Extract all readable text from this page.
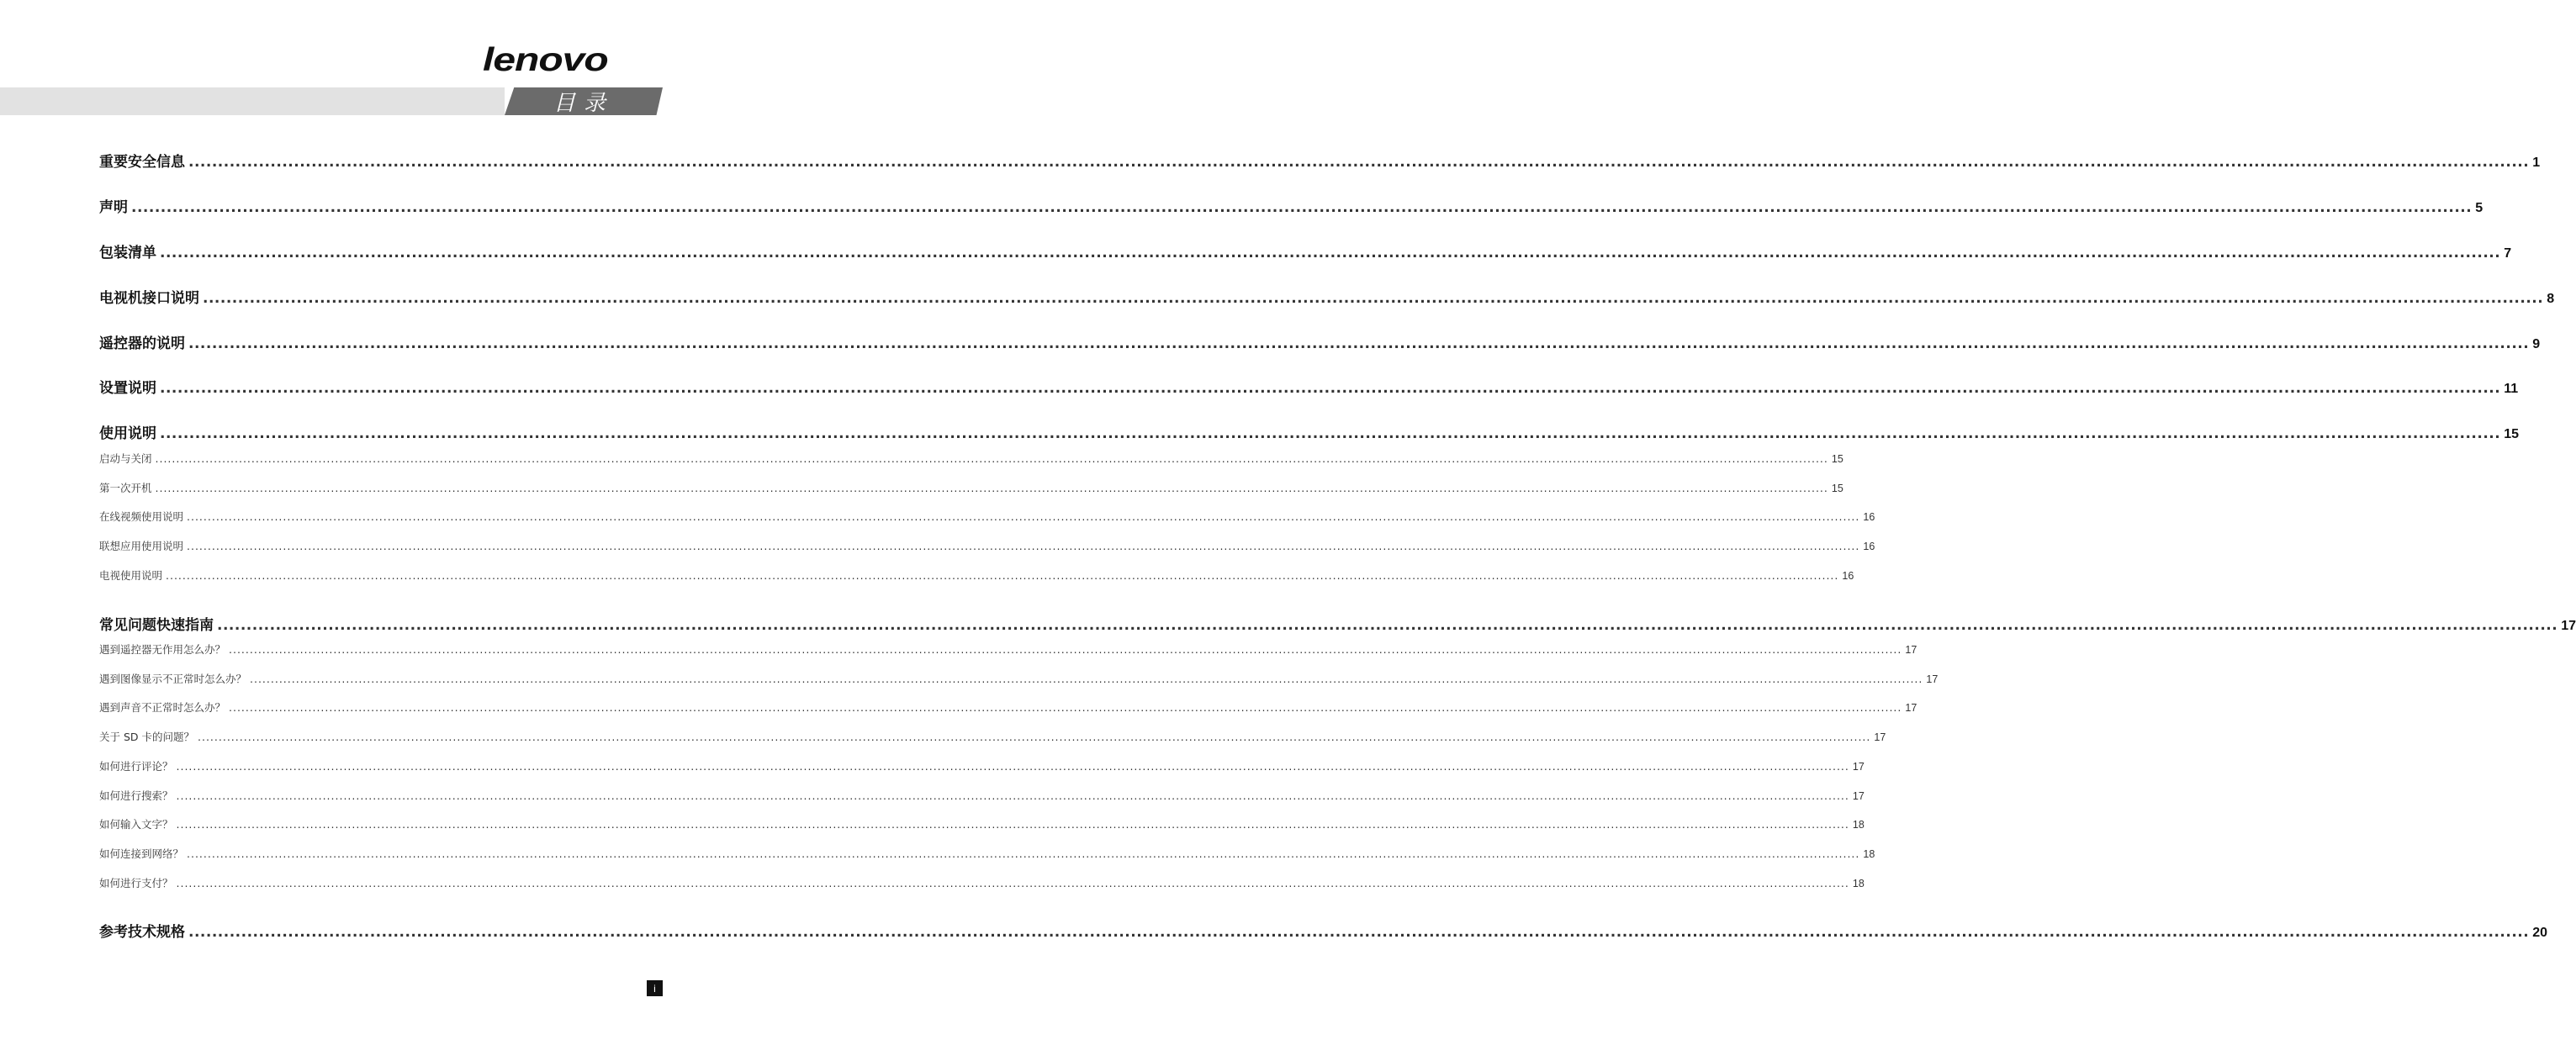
lenovo
目录
重要安全信息 ................................................................................................................................................................................................................................................................................................................................................................................................................ 1
声明 ................................................................................................................................................................................................................................................................................................................................................................................................................ 5
包装清单 ................................................................................................................................................................................................................................................................................................................................................................................................................ 7
电视机接口说明 ................................................................................................................................................................................................................................................................................................................................................................................................................ 8
遥控器的说明 ................................................................................................................................................................................................................................................................................................................................................................................................................ 9
设置说明 ................................................................................................................................................................................................................................................................................................................................................................................................................ 11
使用说明 ................................................................................................................................................................................................................................................................................................................................................................................................................ 15
启动与关闭 ................................................................................................................................................................................................................................................................................................................................................................................................................ 15
第一次开机 ................................................................................................................................................................................................................................................................................................................................................................................................................ 15
在线视频使用说明 ................................................................................................................................................................................................................................................................................................................................................................................................................ 16
联想应用使用说明 ................................................................................................................................................................................................................................................................................................................................................................................................................ 16
电视使用说明 ................................................................................................................................................................................................................................................................................................................................................................................................................ 16
常见问题快速指南 ................................................................................................................................................................................................................................................................................................................................................................................................................ 17
遇到遥控器无作用怎么办？ ................................................................................................................................................................................................................................................................................................................................................................................................................ 17
遇到图像显示不正常时怎么办？ ................................................................................................................................................................................................................................................................................................................................................................................................................ 17
遇到声音不正常时怎么办？ ................................................................................................................................................................................................................................................................................................................................................................................................................ 17
关于 SD 卡的问题？ ................................................................................................................................................................................................................................................................................................................................................................................................................ 17
如何进行评论？ ................................................................................................................................................................................................................................................................................................................................................................................................................ 17
如何进行搜索？ ................................................................................................................................................................................................................................................................................................................................................................................................................ 17
如何输入文字？ ................................................................................................................................................................................................................................................................................................................................................................................................................ 18
如何连接到网络？ ................................................................................................................................................................................................................................................................................................................................................................................................................ 18
如何进行支付？ ................................................................................................................................................................................................................................................................................................................................................................................................................ 18
参考技术规格 ................................................................................................................................................................................................................................................................................................................................................................................................................ 20
i
